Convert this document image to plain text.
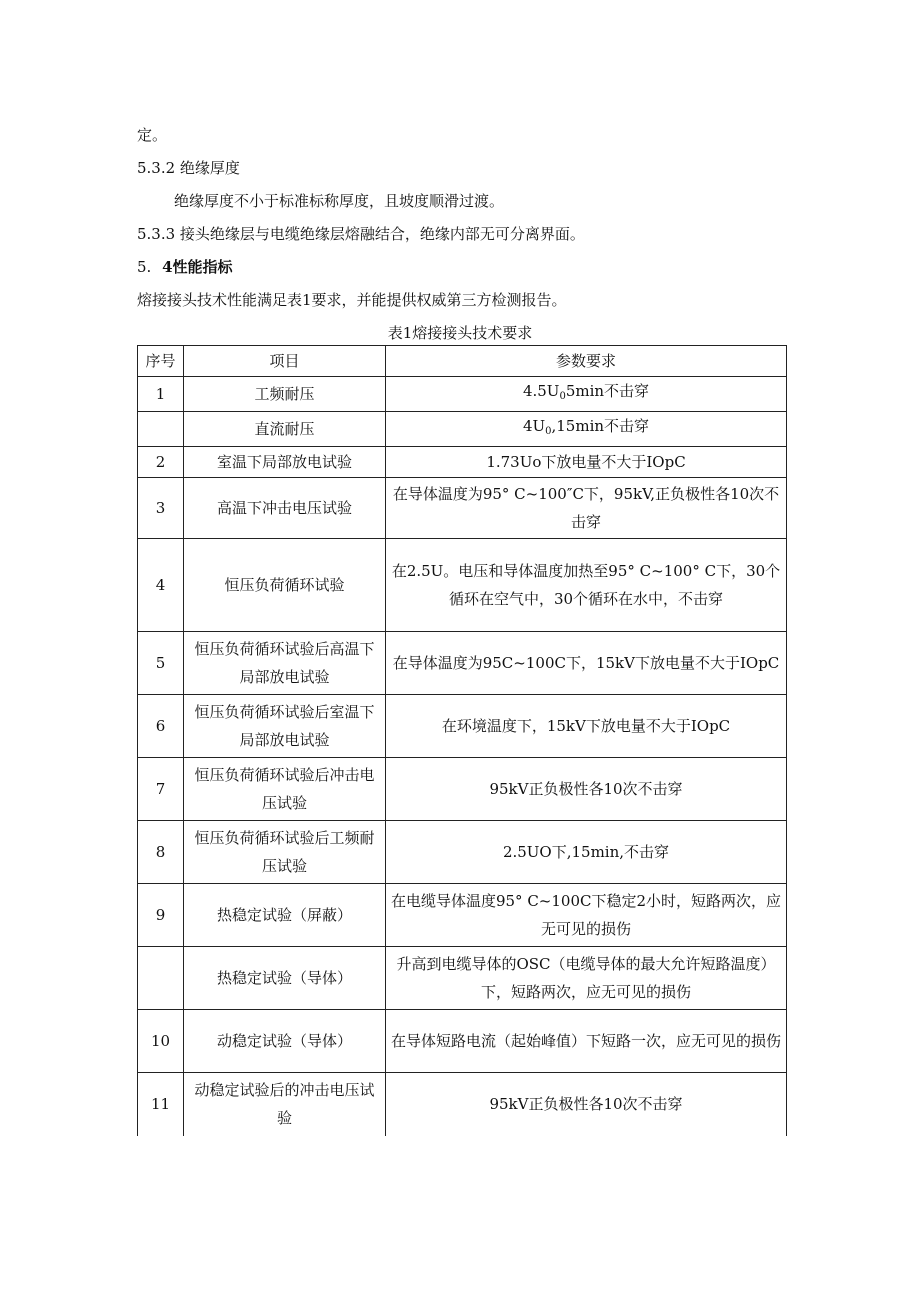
定。
5.3.2 绝缘厚度
绝缘厚度不小于标准标称厚度，且坡度顺滑过渡。
5.3.3 接头绝缘层与电缆绝缘层熔融结合，绝缘内部无可分离界面。
5. 4性能指标
熔接接头技术性能满足表1要求，并能提供权威第三方检测报告。
表1熔接接头技术要求
序号	项目	参数要求
1	工频耐压	$4.5U_05\min$不击穿
	直流耐压	$4U_0,15\min$不击穿
2	室温下局部放电试验	1.73Uo下放电量不大于IOpC
3	高温下冲击电压试验	在导体温度为95° C~100″C下，95kV,正负极性各10次不击穿
4	恒压负荷循环试验	在2.5U。电压和导体温度加热至95° C~100° C下，30个循环在空气中，30个循环在水中，不击穿
5	恒压负荷循环试验后高温下局部放电试验	在导体温度为95C~100C下，15kV下放电量不大于IOpC
6	恒压负荷循环试验后室温下局部放电试验	在环境温度下，15kV下放电量不大于IOpC
7	恒压负荷循环试验后冲击电压试验	95kV正负极性各10次不击穿
8	恒压负荷循环试验后工频耐压试验	2.5UO下,15min,不击穿
9	热稳定试验（屏蔽）	在电缆导体温度95° C~100C下稳定2小时，短路两次，应无可见的损伤
	热稳定试验（导体）	升高到电缆导体的OSC（电缆导体的最大允许短路温度）下，短路两次，应无可见的损伤
10	动稳定试验（导体）	在导体短路电流（起始峰值）下短路一次，应无可见的损伤
11	动稳定试验后的冲击电压试验	95kV正负极性各10次不击穿
